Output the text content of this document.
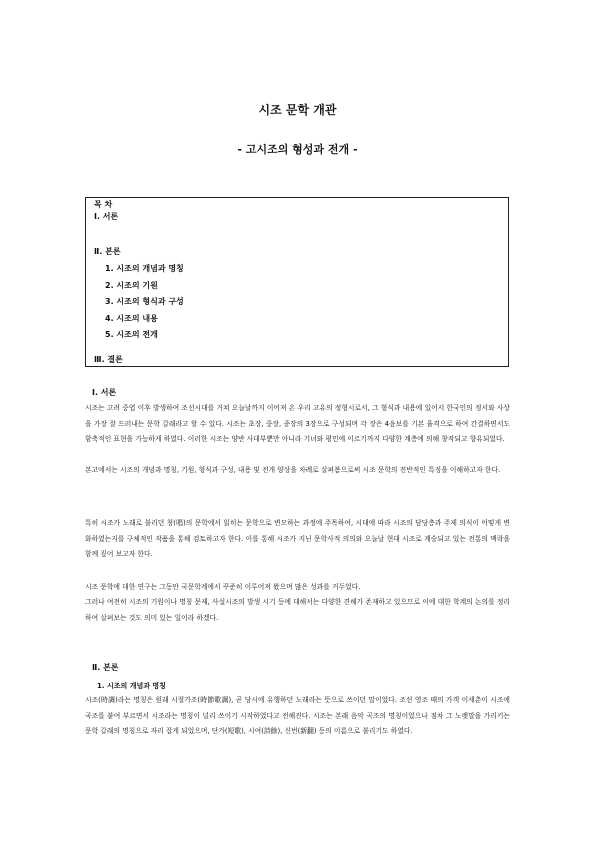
시조 문학 개관
- 고시조의 형성과 전개 -
목 차
Ⅰ. 서론
Ⅱ. 본론
1. 시조의 개념과 명칭
2. 시조의 기원
3. 시조의 형식과 구성
4. 시조의 내용
5. 시조의 전개
Ⅲ. 결론
Ⅰ. 서론

시조는 고려 중엽 이후 발생하여 조선시대를 거쳐 오늘날까지 이어져 온 우리 고유의 정형시로서, 그 형식과 내용에 있어서 한국인의 정서와 사상을 가장 잘 드러내는 문학 갈래라고 할 수 있다. 시조는 초장, 중장, 종장의 3장으로 구성되며 각 장은 4음보를 기본 율격으로 하여 간결하면서도 함축적인 표현을 가능하게 하였다. 이러한 시조는 양반 사대부뿐만 아니라 기녀와 평민에 이르기까지 다양한 계층에 의해 창작되고 향유되었다.

본고에서는 시조의 개념과 명칭, 기원, 형식과 구성, 내용 및 전개 양상을 차례로 살펴봄으로써 시조 문학의 전반적인 특징을 이해하고자 한다.

특히 시조가 노래로 불리던 창(唱)의 문학에서 읽히는 문학으로 변모하는 과정에 주목하여, 시대에 따라 시조의 담당층과 주제 의식이 어떻게 변화하였는지를 구체적인 작품을 통해 검토하고자 한다. 이를 통해 시조가 지닌 문학사적 의의와 오늘날 현대 시조로 계승되고 있는 전통의 맥락을 함께 짚어 보고자 한다.

시조 문학에 대한 연구는 그동안 국문학계에서 꾸준히 이루어져 왔으며 많은 성과를 거두었다.

그러나 여전히 시조의 기원이나 명칭 문제, 사설시조의 발생 시기 등에 대해서는 다양한 견해가 존재하고 있으므로 이에 대한 학계의 논의를 정리하여 살펴보는 것도 의미 있는 일이라 하겠다.

Ⅱ. 본론
1. 시조의 개념과 명칭

시조(時調)라는 명칭은 원래 시절가조(時節歌調), 곧 당시에 유행하던 노래라는 뜻으로 쓰이던 말이었다. 조선 영조 때의 가객 이세춘이 시조에 곡조를 붙여 부르면서 시조라는 명칭이 널리 쓰이기 시작하였다고 전해진다. 시조는 본래 음악 곡조의 명칭이었으나 점차 그 노랫말을 가리키는 문학 갈래의 명칭으로 자리 잡게 되었으며, 단가(短歌), 시여(詩餘), 신번(新翻) 등의 이름으로 불리기도 하였다.
